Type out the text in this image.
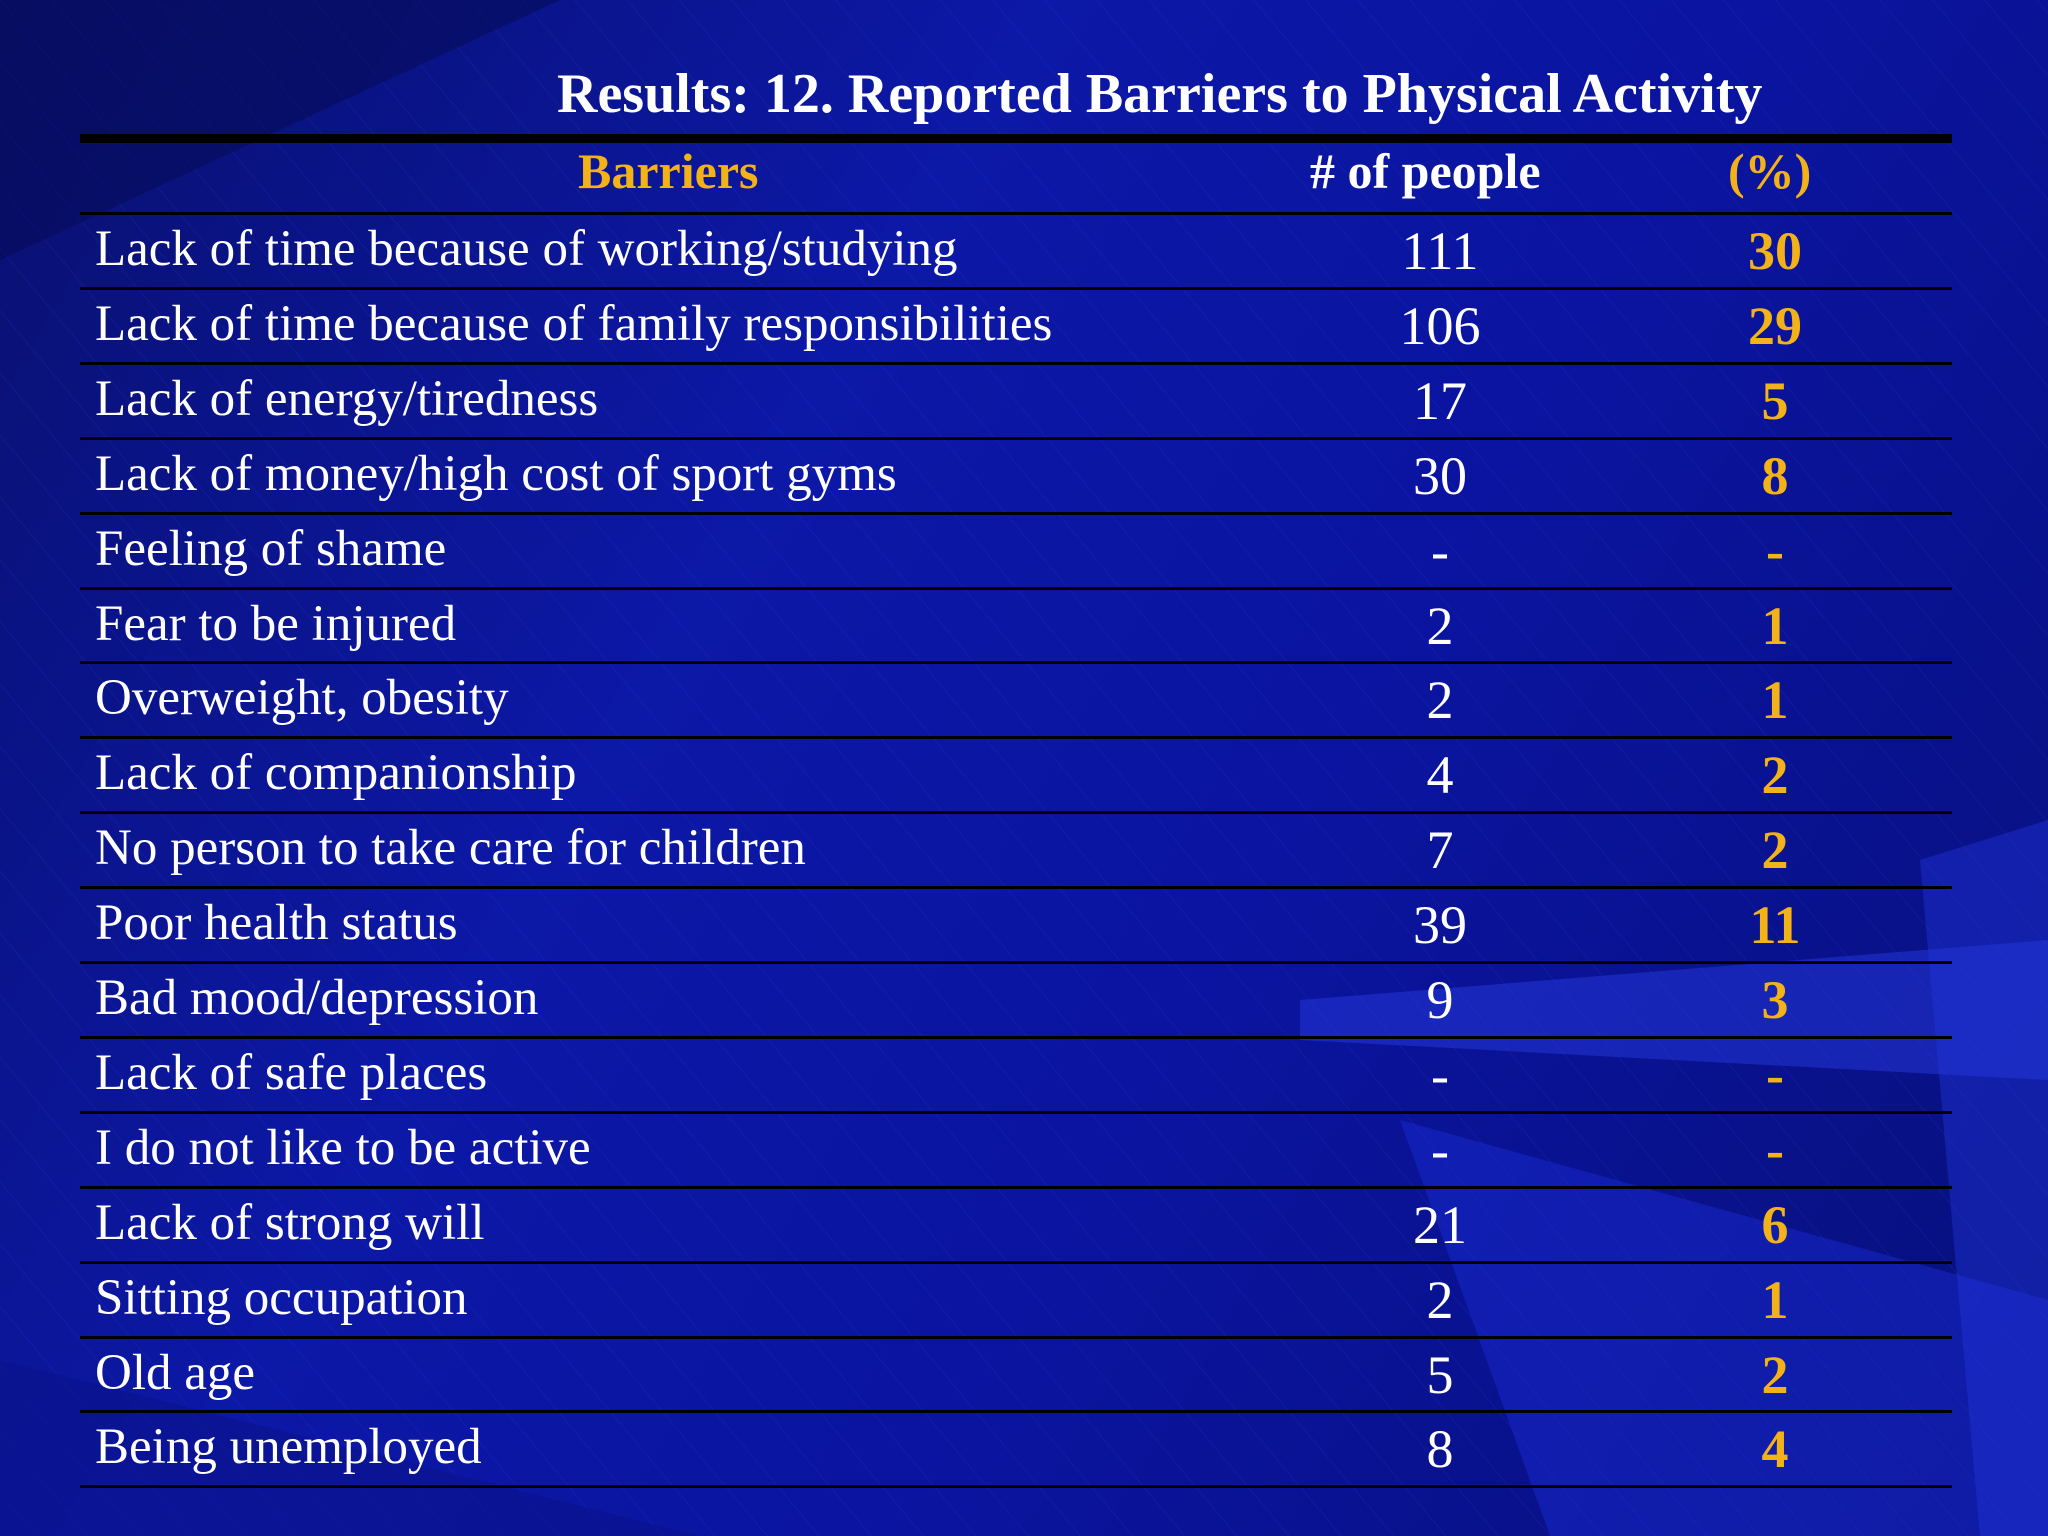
Results: 12. Reported Barriers to Physical Activity
Barriers	# of people	(%)
Lack of time because of working/studying	111	30
Lack of time because of family responsibilities	106	29
Lack of energy/tiredness	17	5
Lack of money/high cost of sport gyms	30	8
Feeling of shame	-	-
Fear to be injured	2	1
Overweight, obesity	2	1
Lack of companionship	4	2
No person to take care for children	7	2
Poor health status	39	11
Bad mood/depression	9	3
Lack of safe places	-	-
I do not like to be active	-	-
Lack of strong will	21	6
Sitting occupation	2	1
Old age	5	2
Being unemployed	8	4
